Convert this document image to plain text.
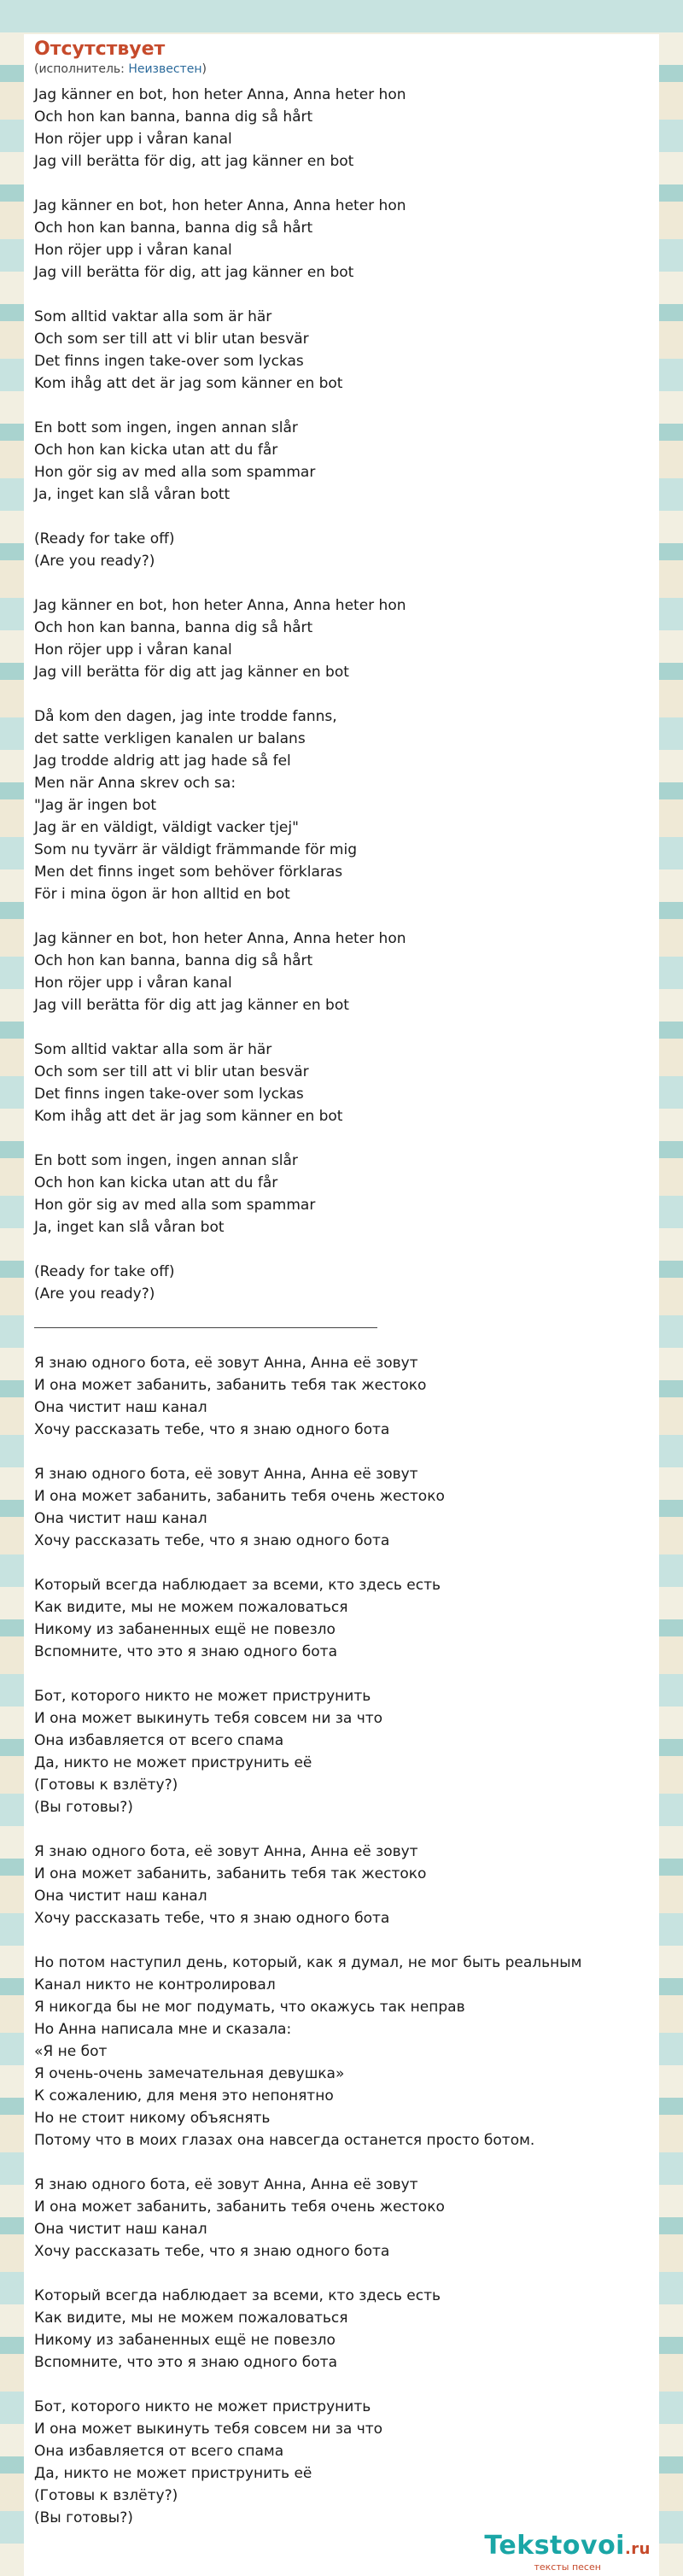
Отсутствует

(исполнитель: Неизвестен)

Jag känner en bot, hon heter Anna, Anna heter hon
Och hon kan banna, banna dig så hårt
Hon röjer upp i våran kanal
Jag vill berätta för dig, att jag känner en bot
Jag känner en bot, hon heter Anna, Anna heter hon
Och hon kan banna, banna dig så hårt
Hon röjer upp i våran kanal
Jag vill berätta för dig, att jag känner en bot
Som alltid vaktar alla som är här
Och som ser till att vi blir utan besvär
Det finns ingen take-over som lyckas
Kom ihåg att det är jag som känner en bot
En bott som ingen, ingen annan slår
Och hon kan kicka utan att du får
Hon gör sig av med alla som spammar
Ja, inget kan slå våran bott
(Ready for take off)
(Are you ready?)
Jag känner en bot, hon heter Anna, Anna heter hon
Och hon kan banna, banna dig så hårt
Hon röjer upp i våran kanal
Jag vill berätta för dig att jag känner en bot
Då kom den dagen, jag inte trodde fanns,
det satte verkligen kanalen ur balans
Jag trodde aldrig att jag hade så fel
Men när Anna skrev och sa:
"Jag är ingen bot
Jag är en väldigt, väldigt vacker tjej"
Som nu tyvärr är väldigt främmande för mig
Men det finns inget som behöver förklaras
För i mina ögon är hon alltid en bot
Jag känner en bot, hon heter Anna, Anna heter hon
Och hon kan banna, banna dig så hårt
Hon röjer upp i våran kanal
Jag vill berätta för dig att jag känner en bot
Som alltid vaktar alla som är här
Och som ser till att vi blir utan besvär
Det finns ingen take-over som lyckas
Kom ihåg att det är jag som känner en bot
En bott som ingen, ingen annan slår
Och hon kan kicka utan att du får
Hon gör sig av med alla som spammar
Ja, inget kan slå våran bot
(Ready for take off)
(Are you ready?)
Я знаю одного бота, её зовут Анна, Анна её зовут
И она может забанить, забанить тебя так жестоко
Она чистит наш канал
Хочу рассказать тебе, что я знаю одного бота
Я знаю одного бота, её зовут Анна, Анна её зовут
И она может забанить, забанить тебя очень жестоко
Она чистит наш канал
Хочу рассказать тебе, что я знаю одного бота
Который всегда наблюдает за всеми, кто здесь есть
Как видите, мы не можем пожаловаться
Никому из забаненных ещё не повезло
Вспомните, что это я знаю одного бота
Бот, которого никто не может приструнить
И она может выкинуть тебя совсем ни за что
Она избавляется от всего спама
Да, никто не может приструнить её
(Готовы к взлёту?)
(Вы готовы?)
Я знаю одного бота, её зовут Анна, Анна её зовут
И она может забанить, забанить тебя так жестоко
Она чистит наш канал
Хочу рассказать тебе, что я знаю одного бота
Но потом наступил день, который, как я думал, не мог быть реальным
Канал никто не контролировал
Я никогда бы не мог подумать, что окажусь так неправ
Но Анна написала мне и сказала:
«Я не бот
Я очень-очень замечательная девушка»
К сожалению, для меня это непонятно
Но не стоит никому объяснять
Потому что в моих глазах она навсегда останется просто ботом.
Я знаю одного бота, её зовут Анна, Анна её зовут
И она может забанить, забанить тебя очень жестоко
Она чистит наш канал
Хочу рассказать тебе, что я знаю одного бота
Который всегда наблюдает за всеми, кто здесь есть
Как видите, мы не можем пожаловаться
Никому из забаненных ещё не повезло
Вспомните, что это я знаю одного бота
Бот, которого никто не может приструнить
И она может выкинуть тебя совсем ни за что
Она избавляется от всего спама
Да, никто не может приструнить её
(Готовы к взлёту?)
(Вы готовы?)
Tekstovoi.ru
тексты песен
